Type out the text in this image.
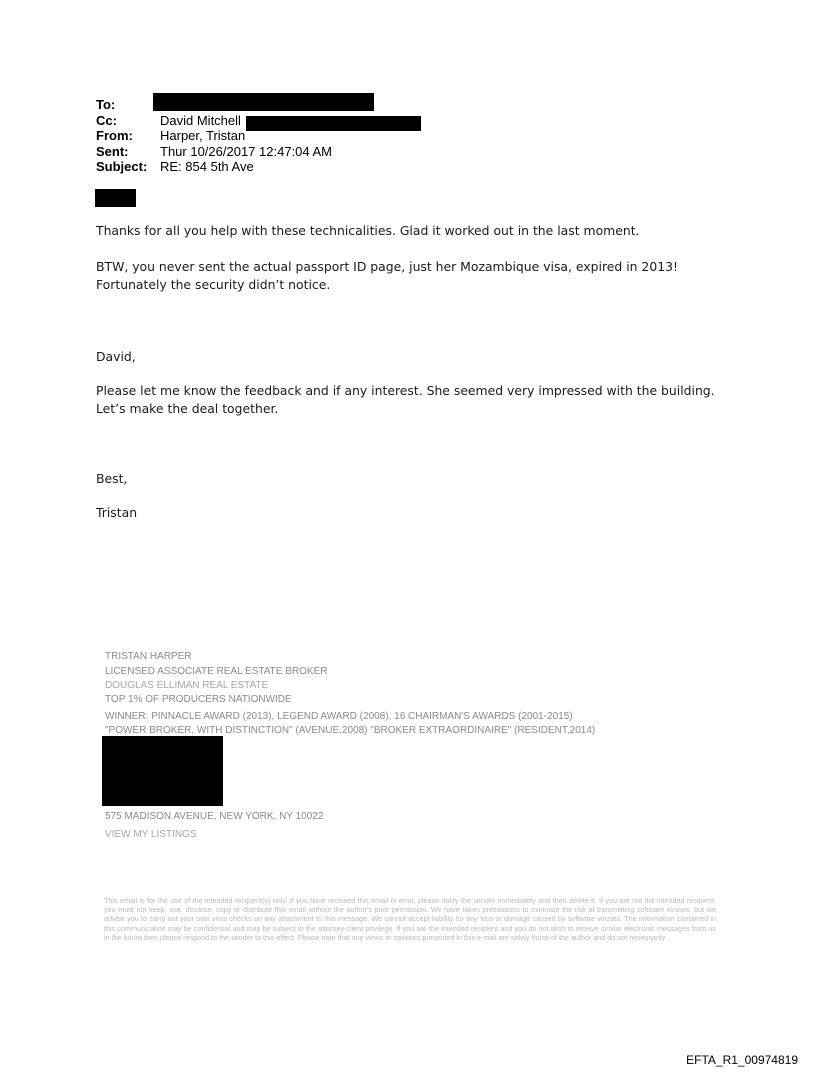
To:
Cc:	David Mitchell
From: Harper, Tristan
Sent: Thur 10/26/2017 12:47:04 AM
Subject: RE: 854 5th Ave

Thanks for all you help with these technicalities. Glad it worked out in the last moment.

BTW, you never sent the actual passport ID page, just her Mozambique visa, expired in 2013!

Fortunately the security didn’t notice.

David,

Please let me know the feedback and if any interest. She seemed very impressed with the building.

Let’s make the deal together.

Best,

Tristan

TRISTAN HARPER
LICENSED ASSOCIATE REAL ESTATE BROKER
DOUGLAS ELLIMAN REAL ESTATE
TOP 1% OF PRODUCERS NATIONWIDE
WINNER: PINNACLE AWARD (2013), LEGEND AWARD (2008), 16 CHAIRMAN'S AWARDS (2001-2015)
"POWER BROKER, WITH DISTINCTION" (AVENUE,2008) "BROKER EXTRAORDINAIRE" (RESIDENT,2014)
575 MADISON AVENUE, NEW YORK, NY 10022
VIEW MY LISTINGS
This email is for the use of the intended recipient(s) only. If you have received this email in error, please notify the sender immediately and then delete it. If you are not the intended recipient, you must not keep, use, disclose, copy or distribute this email without the author's prior permission. We have taken precautions to minimize the risk of transmitting software viruses, but we advise you to carry out your own virus checks on any attachment to this message. We cannot accept liability for any loss or damage caused by software viruses. The information contained in this communication may be confidential and may be subject to the attorney-client privilege. If you are the intended recipient and you do not wish to receive similar electronic messages from us in the future then please respond to the sender to this effect. Please note that any views or opinions presented in this e-mail are solely those of the author and do not necessarily
EFTA_R1_00974819
